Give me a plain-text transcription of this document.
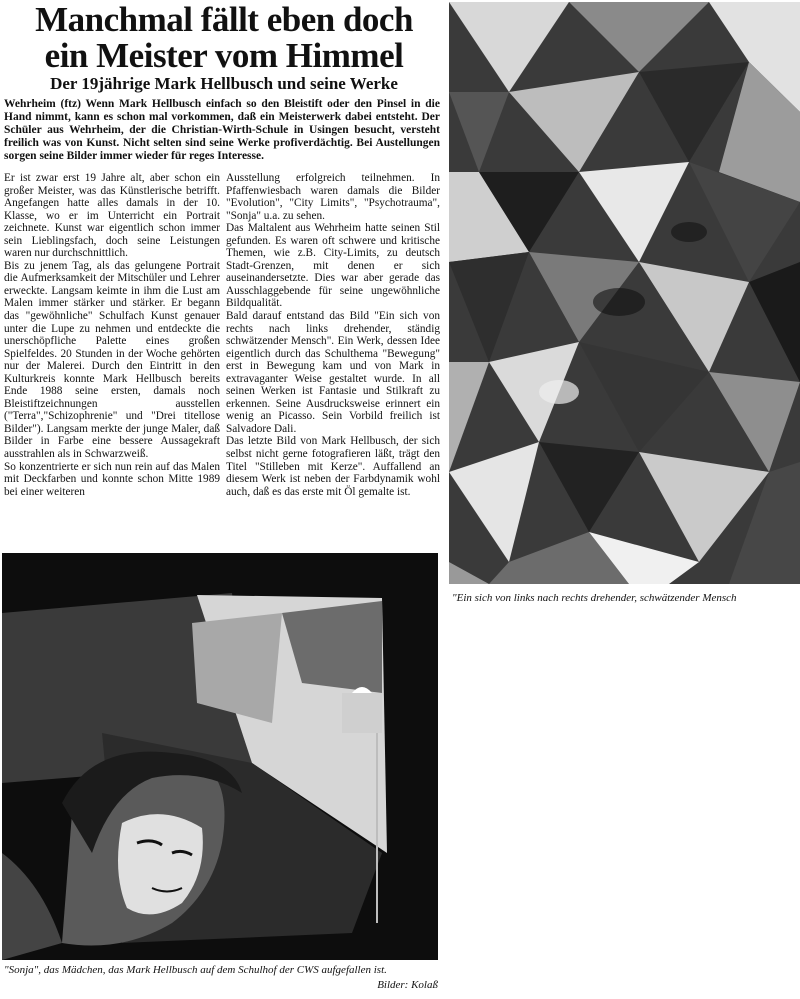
Manchmal fällt eben doch
ein Meister vom Himmel
Der 19jährige Mark Hellbusch und seine Werke

Wehrheim (ftz) Wenn Mark Hellbusch einfach so den Bleistift oder den Pinsel in die Hand nimmt, kann es schon mal vorkommen, daß ein Meisterwerk dabei entsteht. Der Schüler aus Wehrheim, der die Christian-Wirth-Schule in Usingen besucht, versteht freilich was von Kunst. Nicht selten sind seine Werke profiverdächtig. Bei Austellungen sorgen seine Bilder immer wieder für reges Interesse.

Er ist zwar erst 19 Jahre alt, aber schon ein großer Meister, was das Künstlerische betrifft. Angefangen hatte alles damals in der 10. Klasse, wo er im Unterricht ein Portrait zeichnete. Kunst war eigentlich schon immer sein Lieblingsfach, doch seine Leistungen waren nur durchschnittlich.

Bis zu jenem Tag, als das gelungene Portrait die Aufmerksamkeit der Mitschüler und Lehrer erweckte. Langsam keimte in ihm die Lust am Malen immer stärker und stärker. Er begann das "gewöhnliche" Schulfach Kunst genauer unter die Lupe zu nehmen und entdeckte die unerschöpfliche Palette eines großen Spielfeldes. 20 Stunden in der Woche gehörten nur der Malerei. Durch den Eintritt in den Kulturkreis konnte Mark Hellbusch bereits Ende 1988 seine ersten, damals noch Bleistiftzeichnungen ausstellen ("Terra","Schizophrenie" und "Drei titellose Bilder"). Langsam merkte der junge Maler, daß Bilder in Farbe eine bessere Aussagekraft ausstrahlen als in Schwarzweiß.

So konzentrierte er sich nun rein auf das Malen mit Deckfarben und konnte schon Mitte 1989 bei einer weiteren

Ausstellung erfolgreich teilnehmen. In Pfaffenwiesbach waren damals die Bilder "Evolution", "City Limits", "Psychotrauma", "Sonja" u.a. zu sehen.

Das Maltalent aus Wehrheim hatte seinen Stil gefunden. Es waren oft schwere und kritische Themen, wie z.B. City-Limits, zu deutsch Stadt-Grenzen, mit denen er sich auseinandersetzte. Dies war aber gerade das Ausschlaggebende für seine ungewöhnliche Bildqualität.

Bald darauf entstand das Bild "Ein sich von rechts nach links drehender, ständig schwätzender Mensch". Ein Werk, dessen Idee eigentlich durch das Schulthema "Bewegung" erst in Bewegung kam und von Mark in extravaganter Weise gestaltet wurde. In all seinen Werken ist Fantasie und Stilkraft zu erkennen. Seine Ausdrucksweise erinnert ein wenig an Picasso. Sein Vorbild freilich ist Salvadore Dali.

Das letzte Bild von Mark Hellbusch, der sich selbst nicht gerne fotografieren läßt, trägt den Titel "Stilleben mit Kerze". Auffallend an diesem Werk ist neben der Farbdynamik wohl auch, daß es das erste mit Öl gemalte ist.

"Ein sich von links nach rechts drehender, schwätzender Mensch
"Sonja", das Mädchen, das Mark Hellbusch auf dem Schulhof der CWS aufgefallen ist.
Bilder: Kolaß
